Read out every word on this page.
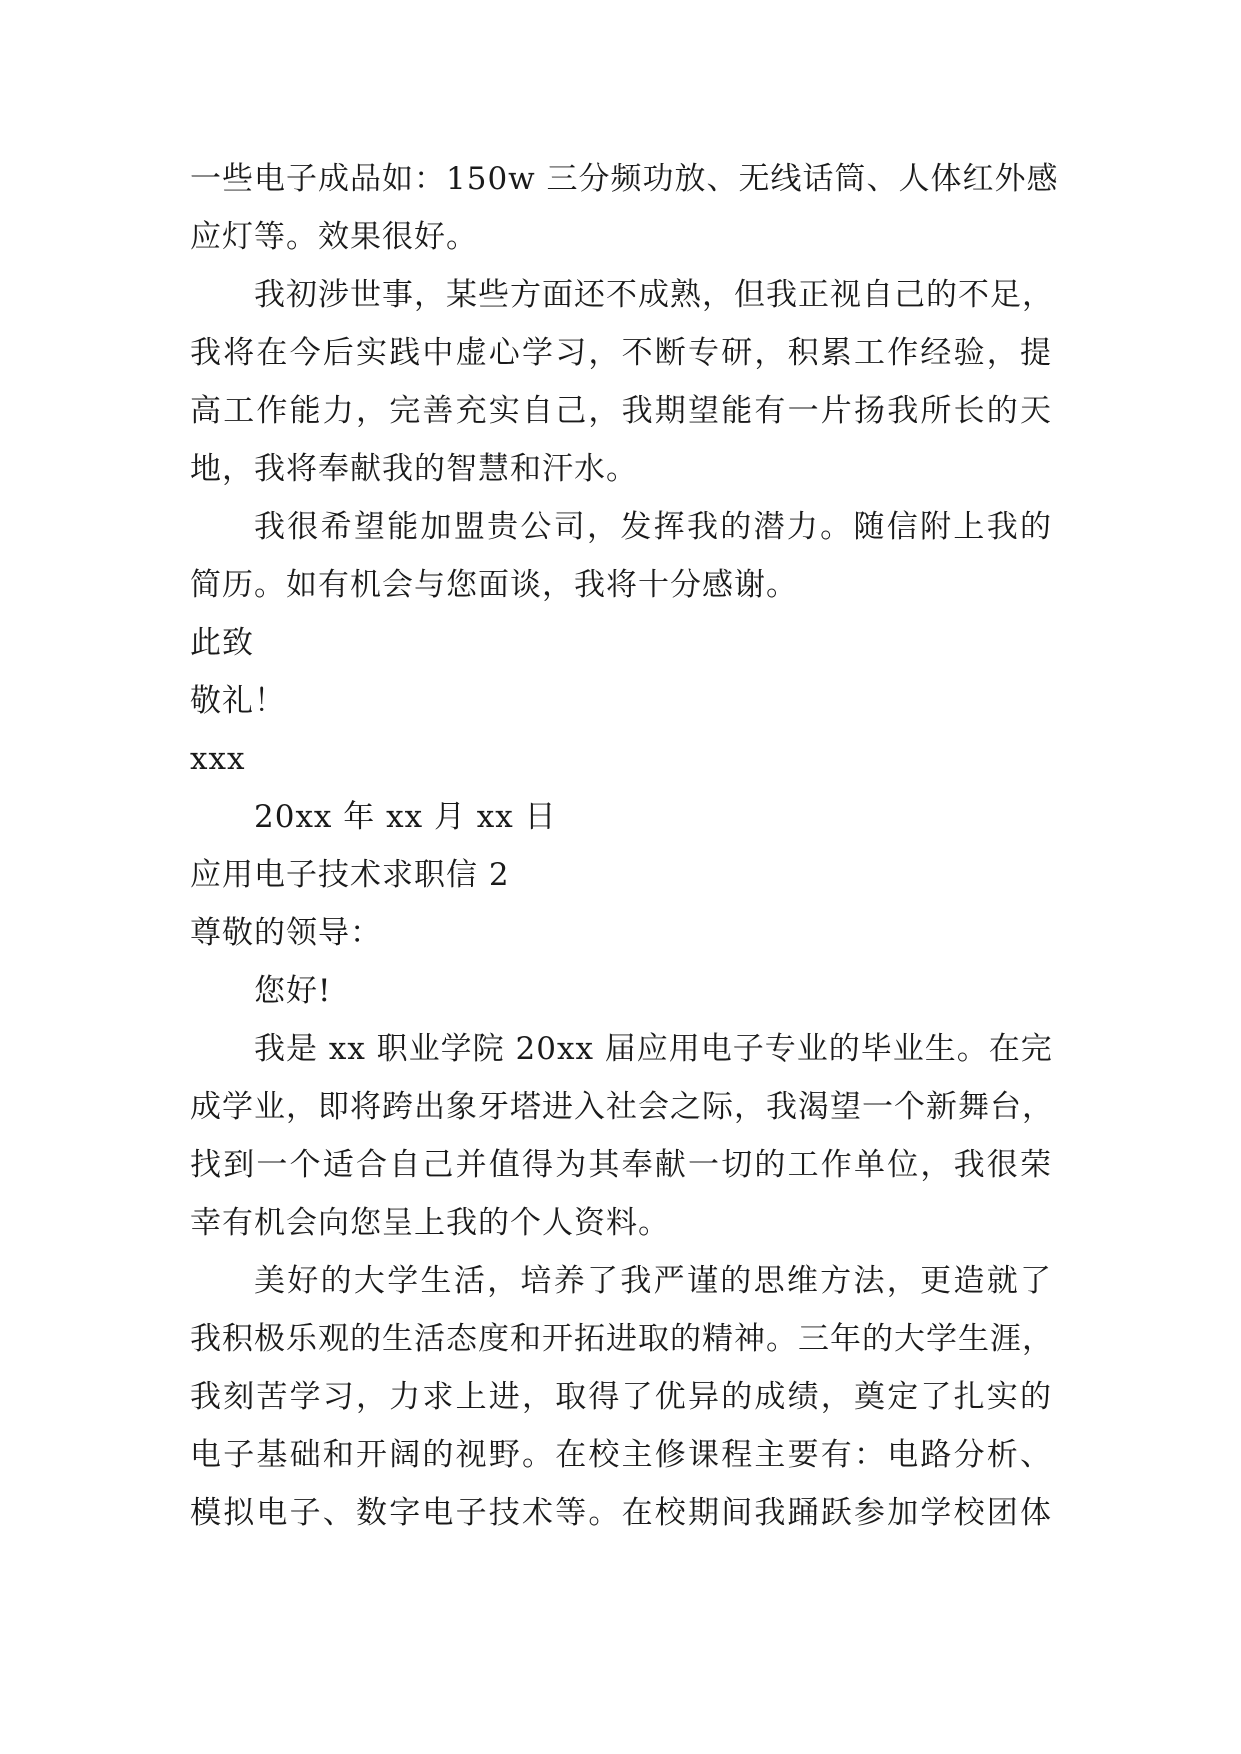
一些电子成品如：150w 三分频功放、无线话筒、人体红外感
应灯等。效果很好。
我初涉世事，某些方面还不成熟，但我正视自己的不足，
我将在今后实践中虚心学习，不断专研，积累工作经验，提
高工作能力，完善充实自己，我期望能有一片扬我所长的天
地，我将奉献我的智慧和汗水。
我很希望能加盟贵公司，发挥我的潜力。随信附上我的
简历。如有机会与您面谈，我将十分感谢。
此致
敬礼！
xxx
20xx 年 xx 月 xx 日
应用电子技术求职信 2
尊敬的领导：
您好!
我是 xx 职业学院 20xx 届应用电子专业的毕业生。在完
成学业，即将跨出象牙塔进入社会之际，我渴望一个新舞台，
找到一个适合自己并值得为其奉献一切的工作单位，我很荣
幸有机会向您呈上我的个人资料。
美好的大学生活，培养了我严谨的思维方法，更造就了
我积极乐观的生活态度和开拓进取的精神。三年的大学生涯，
我刻苦学习，力求上进，取得了优异的成绩，奠定了扎实的
电子基础和开阔的视野。在校主修课程主要有：电路分析、
模拟电子、数字电子技术等。在校期间我踊跃参加学校团体
